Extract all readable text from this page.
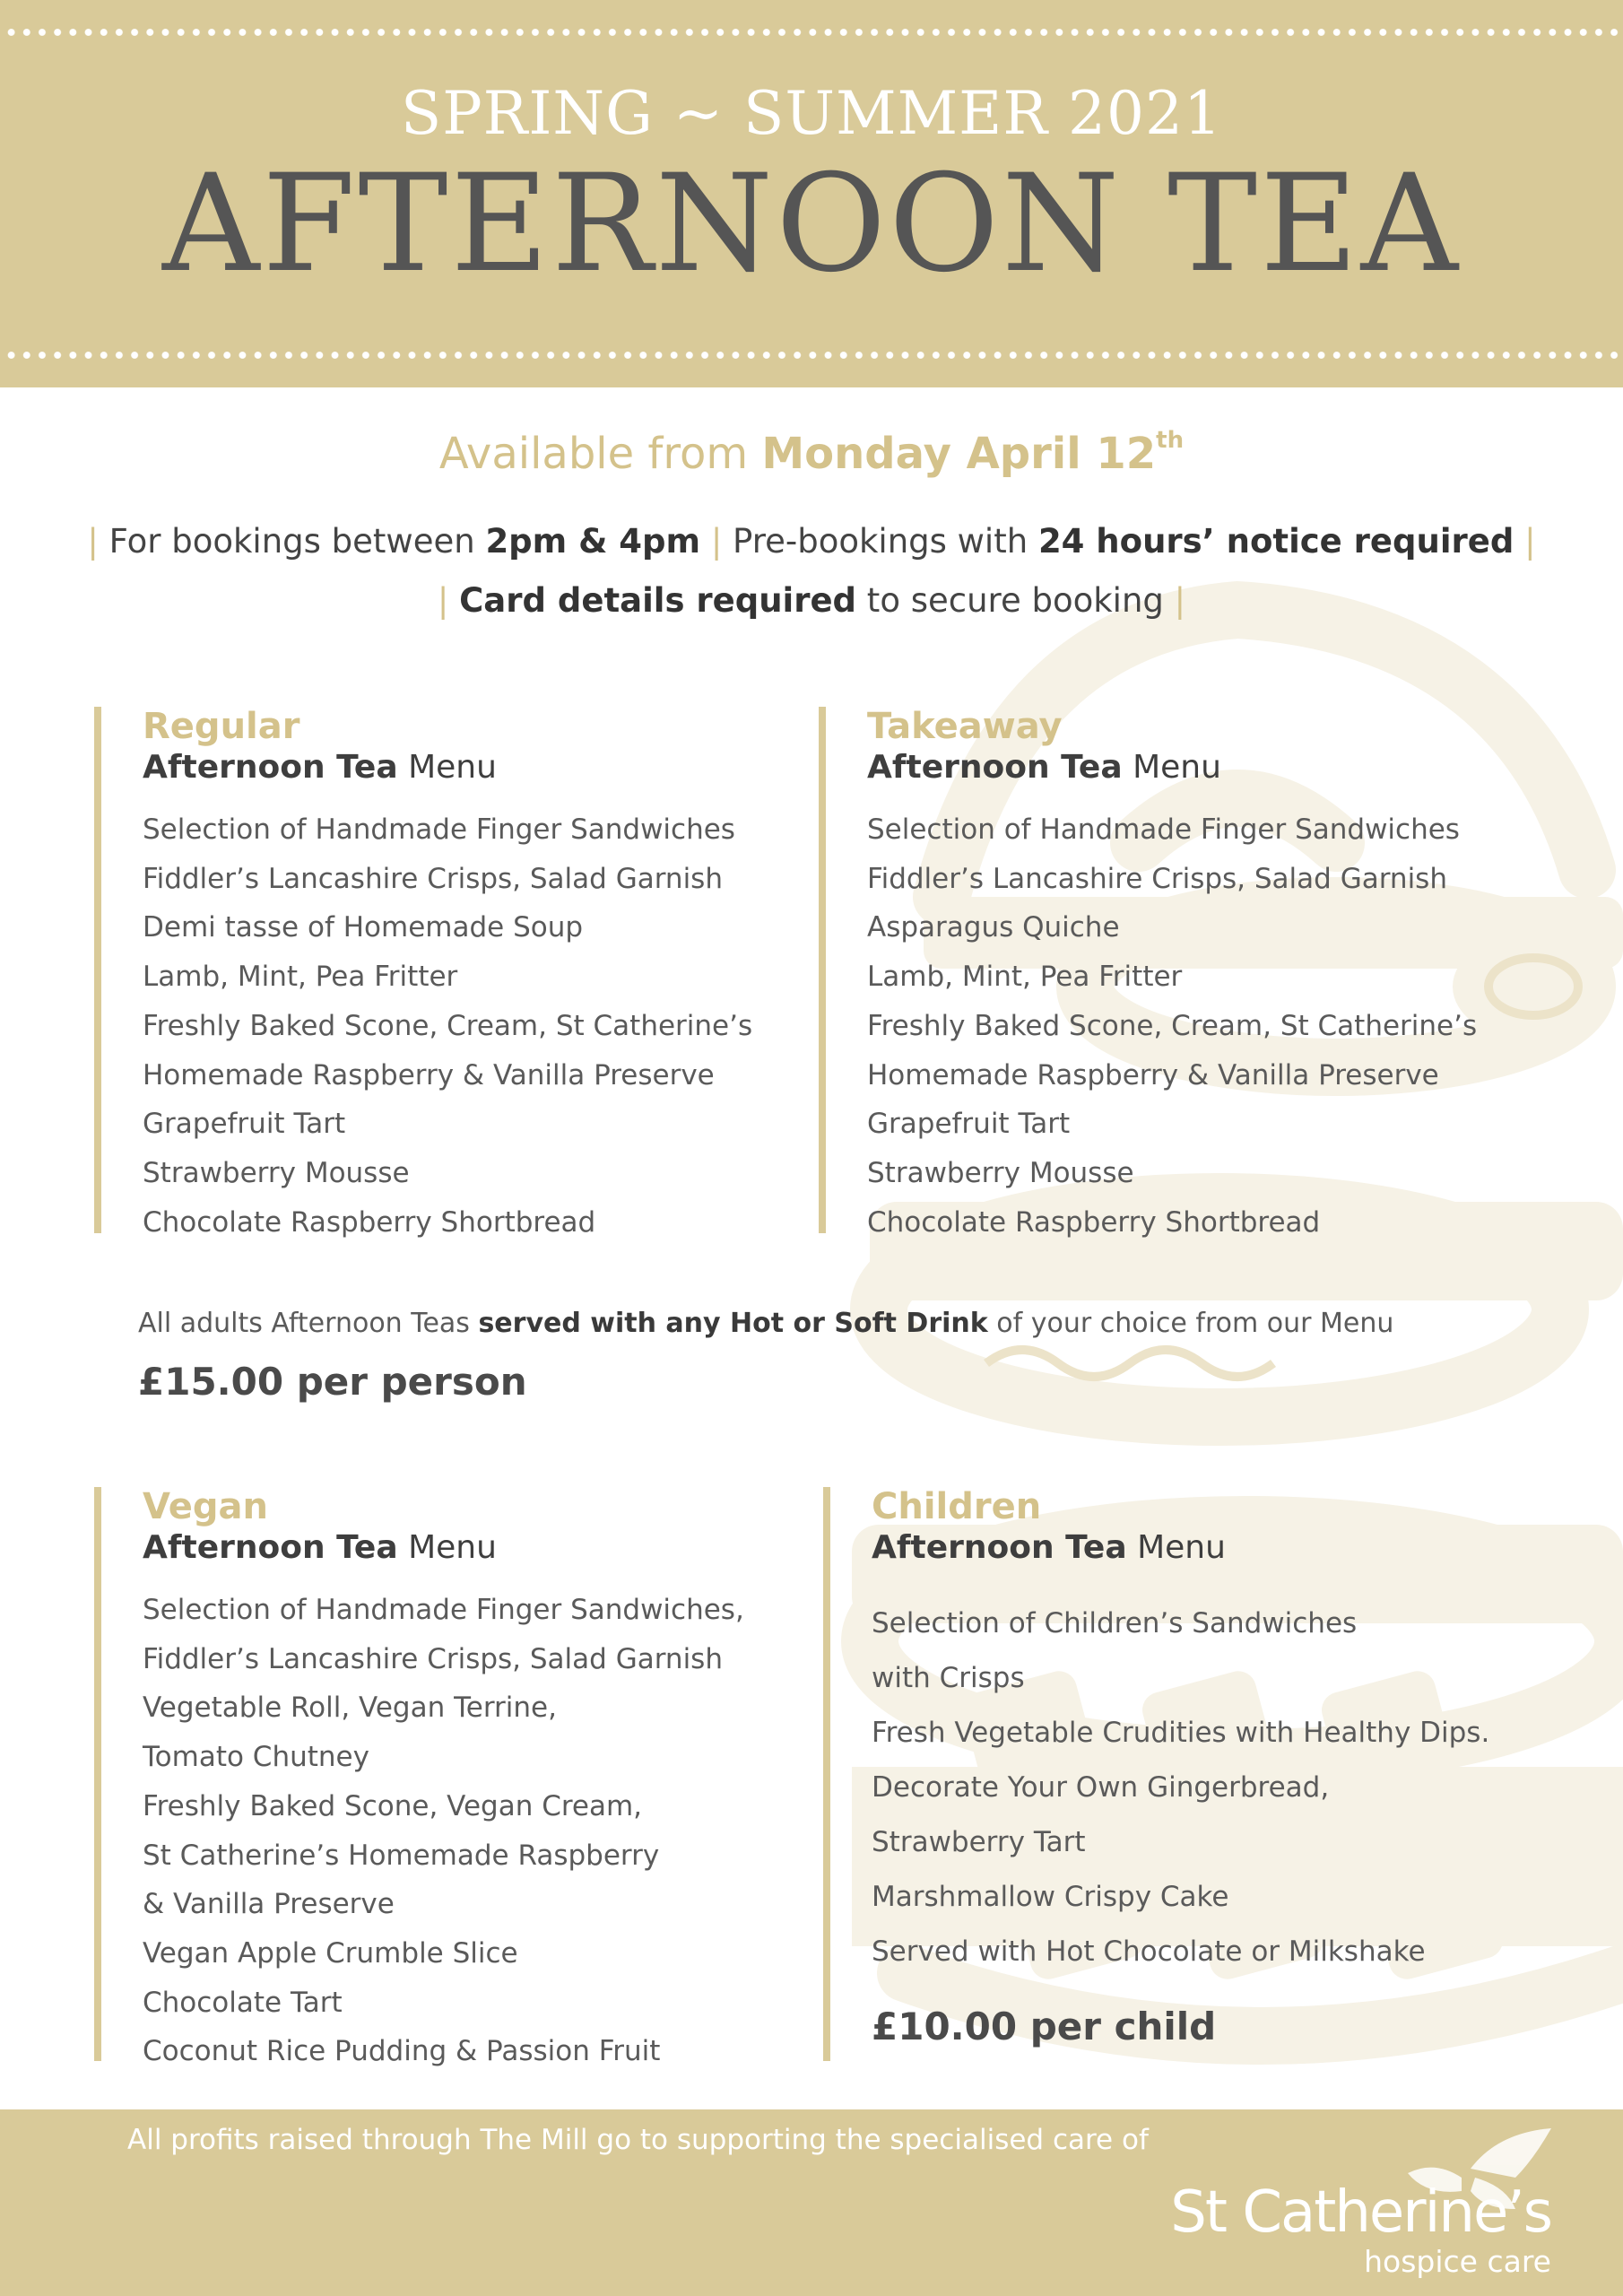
SPRING ~ SUMMER 2021
AFTERNOON TEA
Available from Monday April 12th
| For bookings between 2pm & 4pm | Pre-bookings with 24 hours’ notice required |
| Card details required to secure booking |
Regular
Afternoon Tea Menu
Selection of Handmade Finger Sandwiches
Fiddler’s Lancashire Crisps, Salad Garnish
Demi tasse of Homemade Soup
Lamb, Mint, Pea Fritter
Freshly Baked Scone, Cream, St Catherine’s
Homemade Raspberry & Vanilla Preserve
Grapefruit Tart
Strawberry Mousse
Chocolate Raspberry Shortbread
Takeaway
Afternoon Tea Menu
Selection of Handmade Finger Sandwiches
Fiddler’s Lancashire Crisps, Salad Garnish
Asparagus Quiche
Lamb, Mint, Pea Fritter
Freshly Baked Scone, Cream, St Catherine’s
Homemade Raspberry & Vanilla Preserve
Grapefruit Tart
Strawberry Mousse
Chocolate Raspberry Shortbread
All adults Afternoon Teas served with any Hot or Soft Drink of your choice from our Menu
£15.00 per person
Vegan
Afternoon Tea Menu
Selection of Handmade Finger Sandwiches,
Fiddler’s Lancashire Crisps, Salad Garnish
Vegetable Roll, Vegan Terrine,
Tomato Chutney
Freshly Baked Scone, Vegan Cream,
St Catherine’s Homemade Raspberry
& Vanilla Preserve
Vegan Apple Crumble Slice
Chocolate Tart
Coconut Rice Pudding & Passion Fruit
Children
Afternoon Tea Menu
Selection of Children’s Sandwiches
with Crisps
Fresh Vegetable Crudities with Healthy Dips.
Decorate Your Own Gingerbread,
Strawberry Tart
Marshmallow Crispy Cake
Served with Hot Chocolate or Milkshake
£10.00 per child
All profits raised through The Mill go to supporting the specialised care of
St Catherine’s
hospice care
